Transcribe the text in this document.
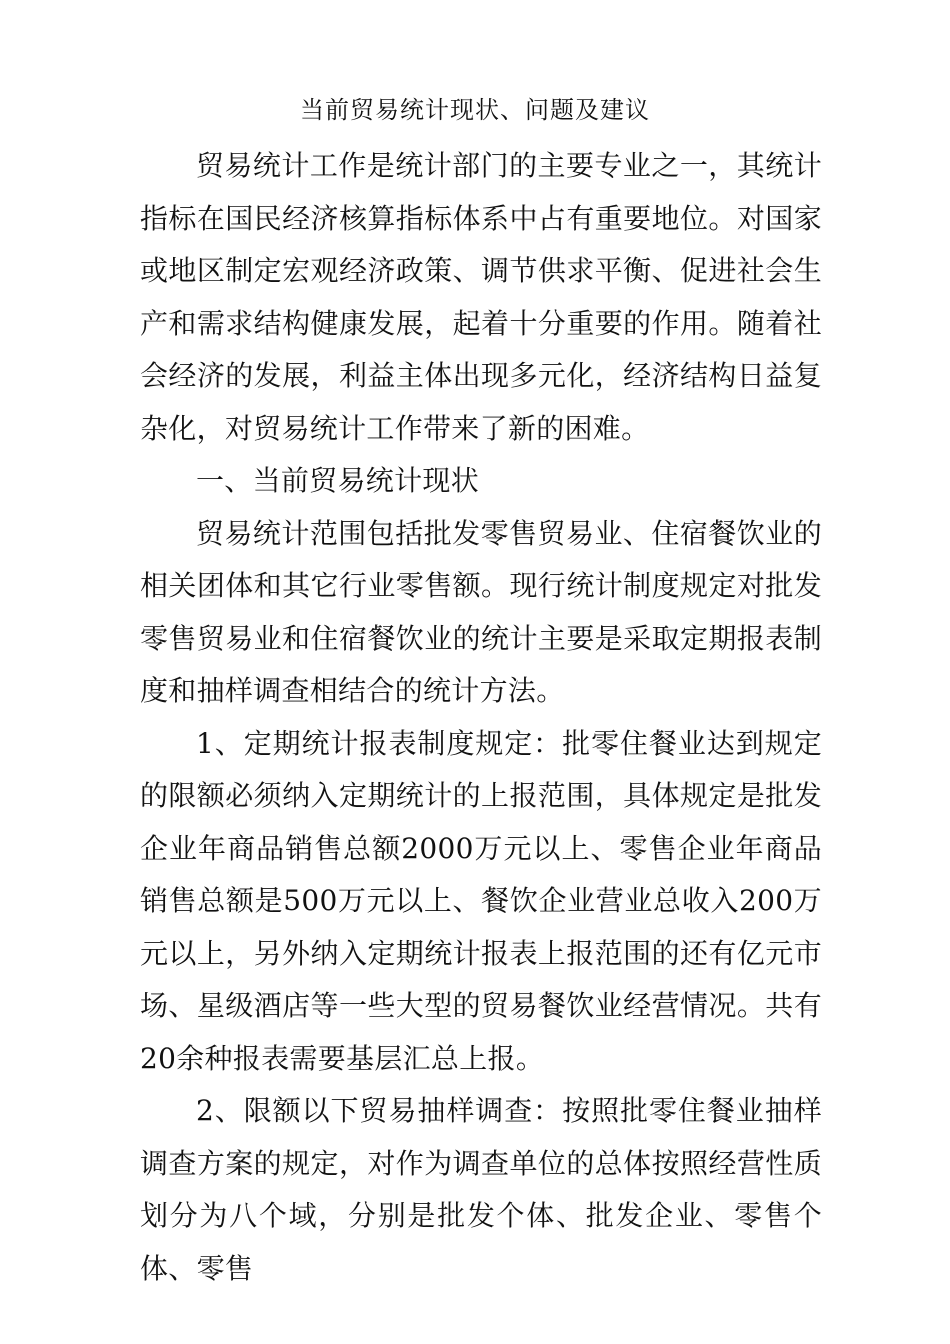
当前贸易统计现状、问题及建议

贸易统计工作是统计部门的主要专业之一，其统计指标在国民经济核算指标体系中占有重要地位。对国家或地区制定宏观经济政策、调节供求平衡、促进社会生产和需求结构健康发展，起着十分重要的作用。随着社会经济的发展，利益主体出现多元化，经济结构日益复杂化，对贸易统计工作带来了新的困难。

一、当前贸易统计现状

贸易统计范围包括批发零售贸易业、住宿餐饮业的相关团体和其它行业零售额。现行统计制度规定对批发零售贸易业和住宿餐饮业的统计主要是采取定期报表制度和抽样调查相结合的统计方法。

1、定期统计报表制度规定：批零住餐业达到规定的限额必须纳入定期统计的上报范围，具体规定是批发企业年商品销售总额2000万元以上、零售企业年商品销售总额是500万元以上、餐饮企业营业总收入200万元以上，另外纳入定期统计报表上报范围的还有亿元市场、星级酒店等一些大型的贸易餐饮业经营情况。共有20余种报表需要基层汇总上报。

2、限额以下贸易抽样调查：按照批零住餐业抽样调查方案的规定，对作为调查单位的总体按照经营性质划分为八个域，分别是批发个体、批发企业、零售个体、零售
